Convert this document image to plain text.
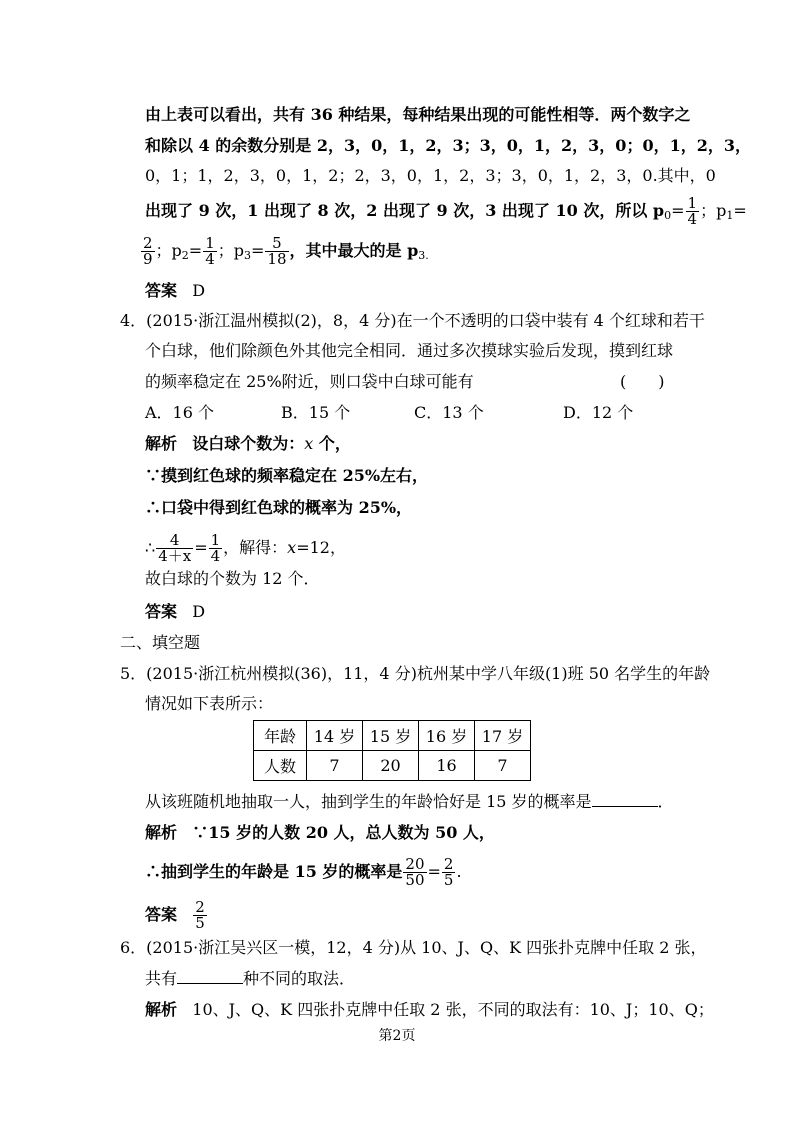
由上表可以看出，共有 36 种结果，每种结果出现的可能性相等．两个数字之
和除以 4 的余数分别是 2，3，0，1，2，3；3，0，1，2，3，0；0，1，2，3，
0，1；1，2，3，0，1，2；2，3，0，1，2，3；3，0，1，2，3，0.其中，0
出现了 9 次，1 出现了 8 次，2 出现了 9 次，3 出现了 10 次，所以 $p_0= \frac{1}{4}$ ；$p_1=$
$\frac{2}{9}$ ；$p_2= \frac{1}{4}$ ；$p_3= \frac{5}{18}$ ，其中最大的是 $p_{3.}$
答案 D
4．(2015·浙江温州模拟(2)，8，4 分)在一个不透明的口袋中装有 4 个红球和若干
个白球，他们除颜色外其他完全相同．通过多次摸球实验后发现，摸到红球
的频率稳定在 25%附近，则口袋中白球可能有	(　　)
A．16 个	B．15 个	C．13 个	D．12 个
解析 设白球个数为：x 个，
∵摸到红色球的频率稳定在 25%左右，
∴口袋中得到红色球的概率为 25%，
∴ $\frac{4}{4+x} = \frac{1}{4}$ ，解得：x=12，
故白球的个数为 12 个．
答案 D
二、填空题
5．(2015·浙江杭州模拟(36)，11，4 分)杭州某中学八年级(1)班 50 名学生的年龄
情况如下表所示：
年龄	14 岁	15 岁	16 岁	17 岁
人数	7	20	16	7
从该班随机地抽取一人，抽到学生的年龄恰好是 15 岁的概率是	．
解析 ∵15 岁的人数 20 人，总人数为 50 人，
∴抽到学生的年龄是 15 岁的概率是 $\frac{20}{50} = \frac{2}{5}$ .
答案 $\frac{2}{5}$
6．(2015·浙江吴兴区一模，12，4 分)从 10、J、Q、K 四张扑克牌中任取 2 张，
共有	种不同的取法．
解析 10、J、Q、K 四张扑克牌中任取 2 张，不同的取法有：10、J；10、Q；
第2页
